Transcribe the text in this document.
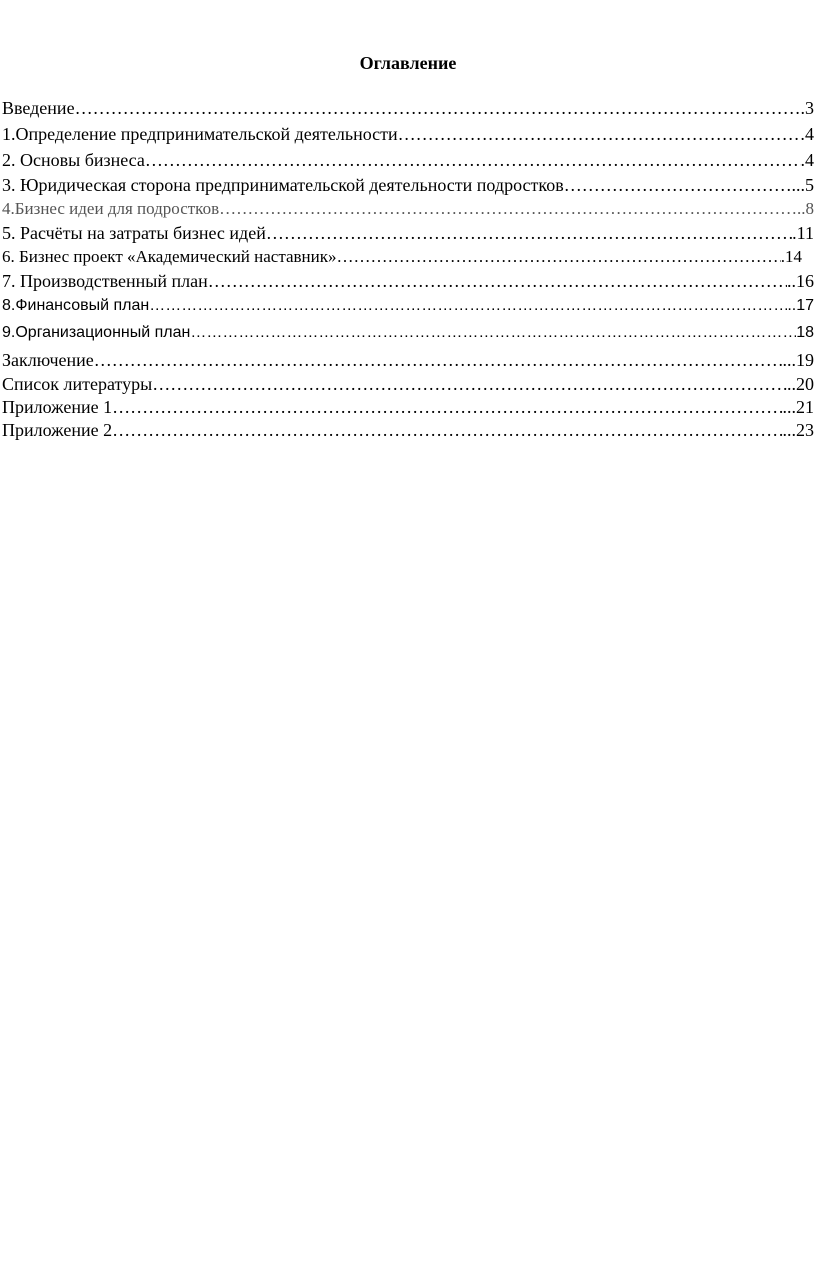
Оглавление
Введение …………………………………………………………………………………………………………………………………………………………………………………………………………………………………………	.3
1.Определение предпринимательской деятельности …………………………………………………………………………………………………………………………………………………………………………………………………………………………………………	4
2. Основы бизнеса …………………………………………………………………………………………………………………………………………………………………………………………………………………………………………	.4
3. Юридическая сторона предпринимательской деятельности подростков …………………………………………………………………………………………………………………………………………………………………………………………………………………………………………	...5
4.Бизнес идеи для подростков …………………………………………………………………………………………………………………………………………………………………………………………………………………………………………	..8
5. Расчёты на затраты бизнес идей …………………………………………………………………………………………………………………………………………………………………………………………………………………………………………	.11
6. Бизнес проект «Академический наставник» …………………………………………………………………………………………………………………………………………………………………………………………………………………………………………	.14
7. Производственный план …………………………………………………………………………………………………………………………………………………………………………………………………………………………………………	..16
8.Финансовый план …………………………………………………………………………………………………………………………………………………………………………………………………………………………………………	..17
9.Организационный план …………………………………………………………………………………………………………………………………………………………………………………………………………………………………………	18
Заключение …………………………………………………………………………………………………………………………………………………………………………………………………………………………………………	...19
Список литературы …………………………………………………………………………………………………………………………………………………………………………………………………………………………………………	..20
Приложение 1 …………………………………………………………………………………………………………………………………………………………………………………………………………………………………………	...21
Приложение 2 …………………………………………………………………………………………………………………………………………………………………………………………………………………………………………	...23
